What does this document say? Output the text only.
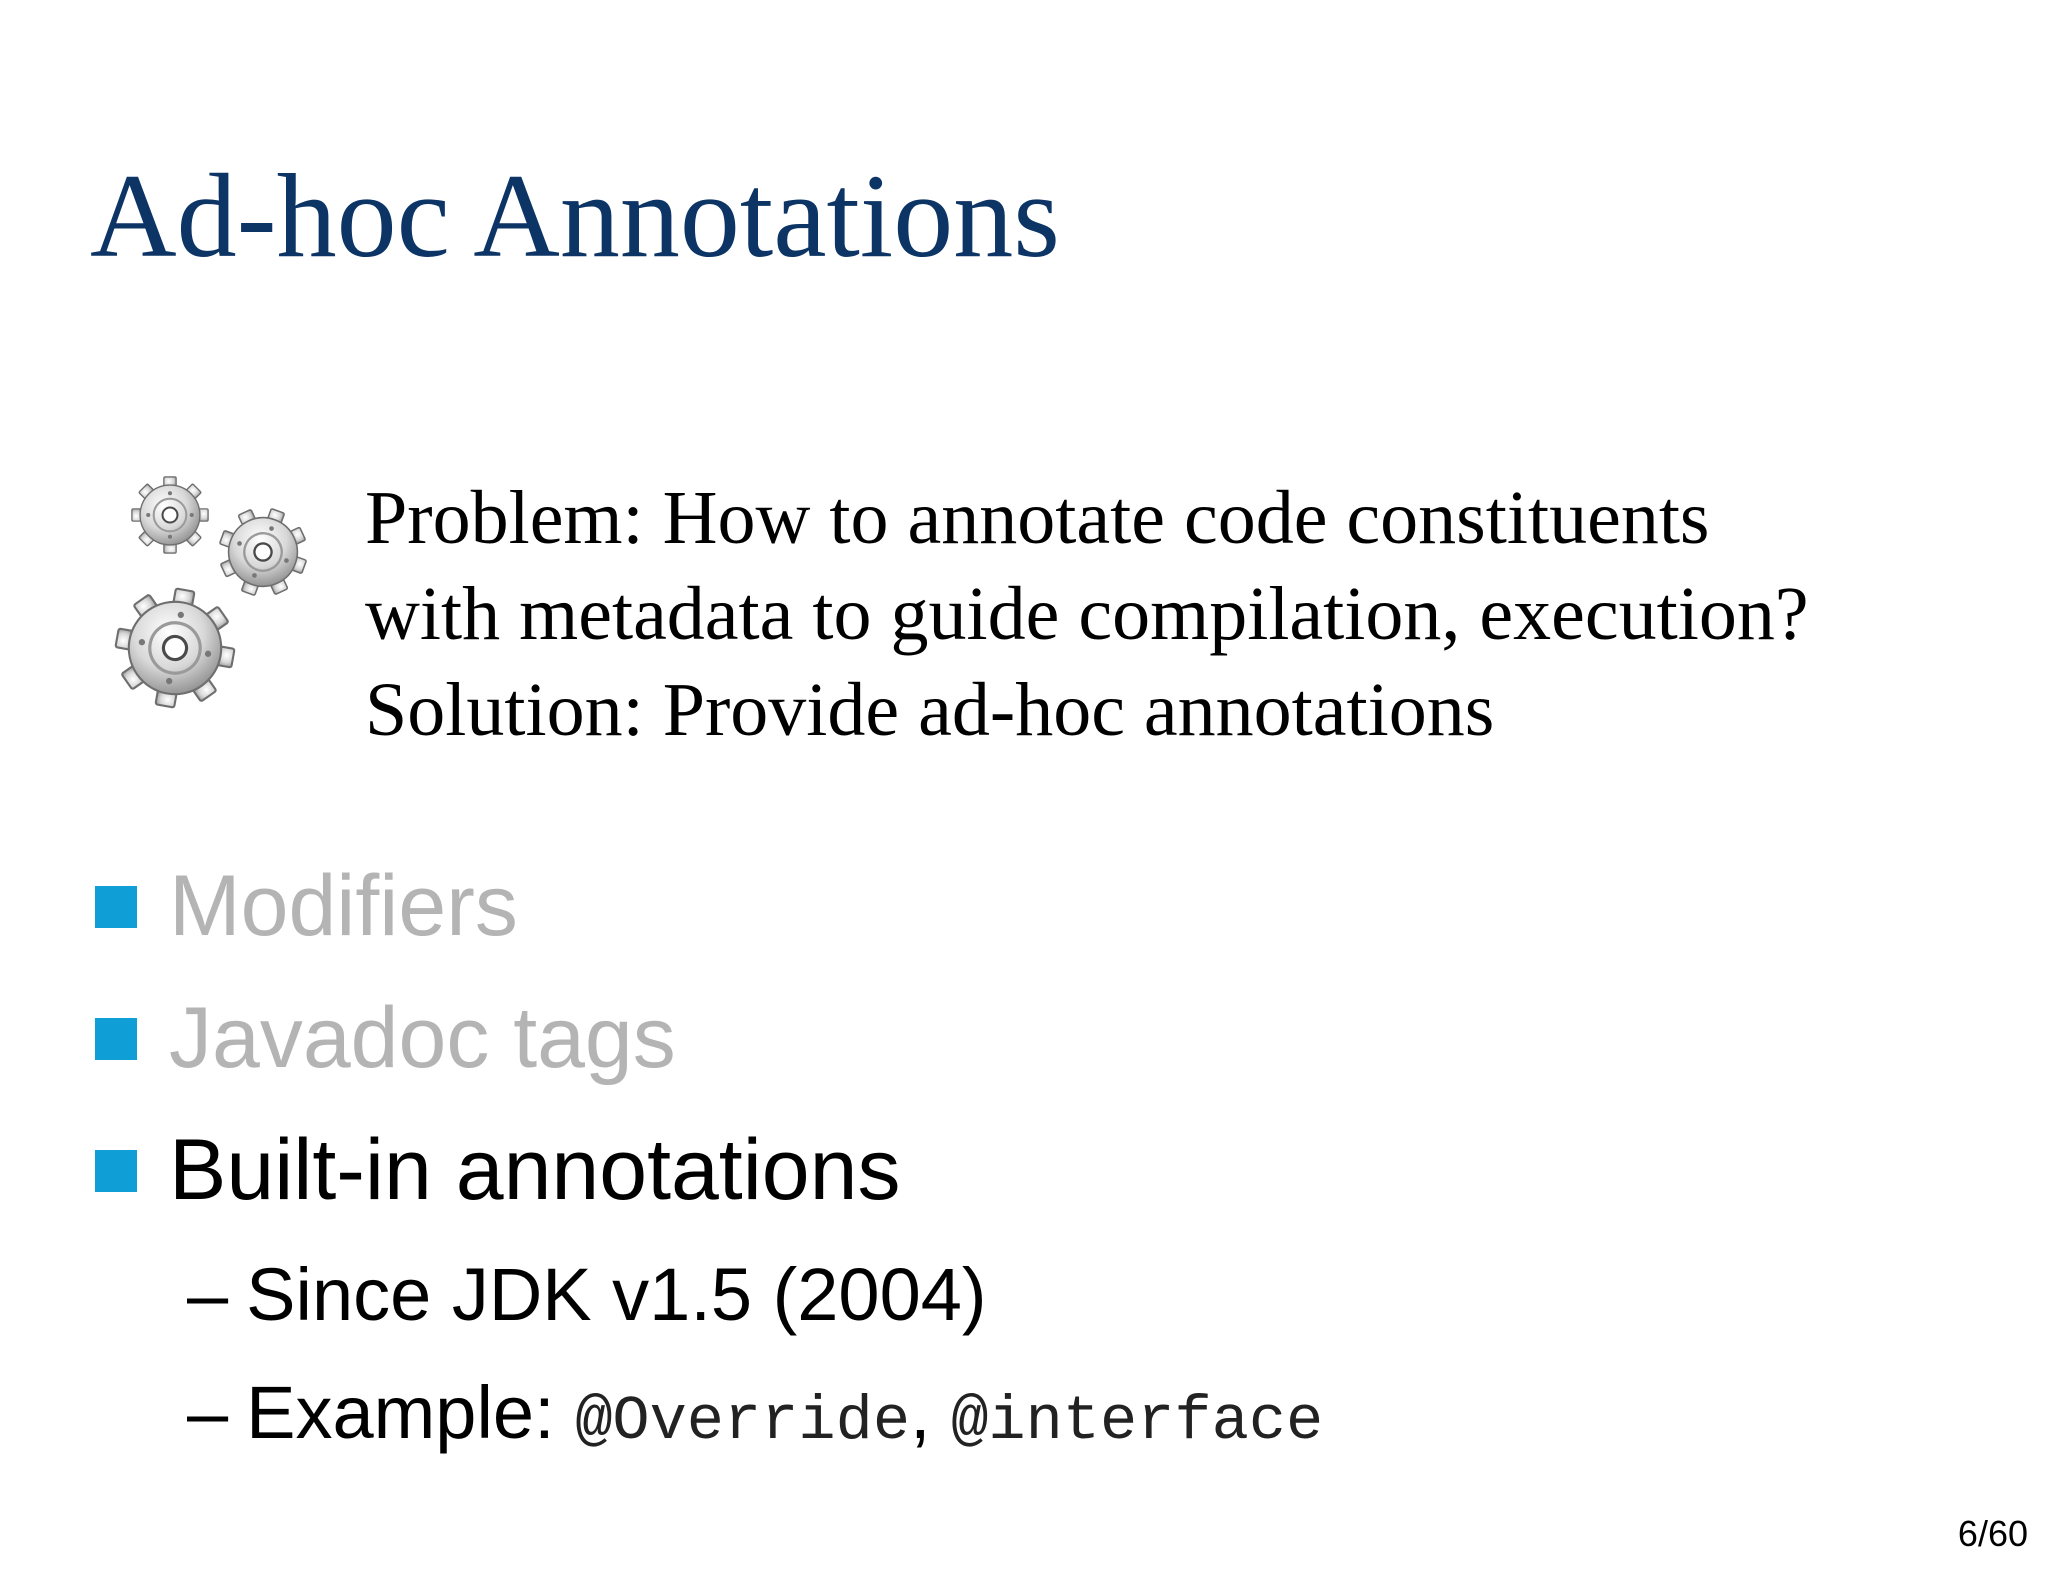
Ad-hoc Annotations
Problem: How to annotate code constituents
with metadata to guide compilation, execution?
Solution: Provide ad-hoc annotations
Modifiers
Javadoc tags
Built-in annotations
– Since JDK v1.5 (2004)
– Example: @Override, @interface
6/60
